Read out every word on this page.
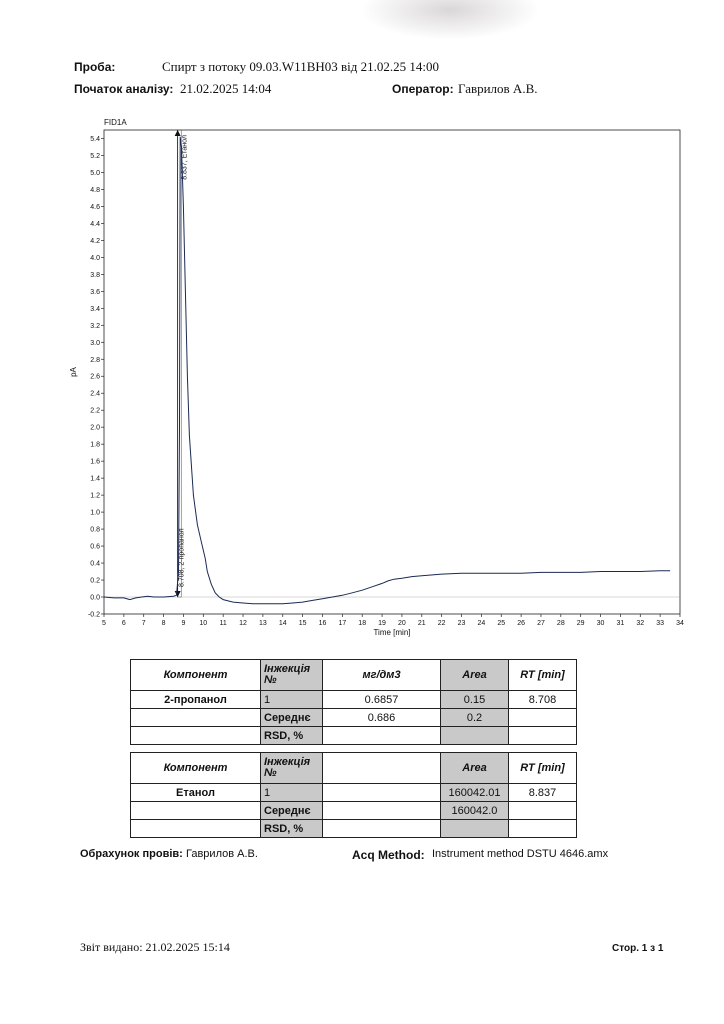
Проба:	Спирт з потоку 09.03.W11BH03 від 21.02.25 14:00
Початок аналізу: 21.02.2025 14:04	Оператор: Гаврилов А.В.
FID1A
-0.2
0.0
0.2
0.4
0.6
0.8
1.0
1.2
1.4
1.6
1.8
2.0
2.2
2.4
2.6
2.8
3.0
3.2
3.4
3.6
3.8
4.0
4.2
4.4
4.6
4.8
5.0
5.2
5.4
5 6 7 8 9 10 11 12 13 14 15 16 17 18 19 20 21 22 23 24 25 26 27 28 29 30 31 32 33 34
8.708, 2-пропанол
8.837, Етанол
pA
Time [min]
Компонент	Інжекція №	мг/дм3	Area	RT [min]
2-пропанол	1	0.6857	0.15	8.708
	Середнє	0.686	0.2	
	RSD, %			
Компонент	Інжекція №		Area	RT [min]
Етанол	1		160042.01	8.837
	Середнє		160042.0	
	RSD, %			
Обрахунок провів: Гаврилов А.В.	Acq Method: Instrument method DSTU 4646.amx
Звіт видано: 21.02.2025 15:14	Стор. 1 з 1
